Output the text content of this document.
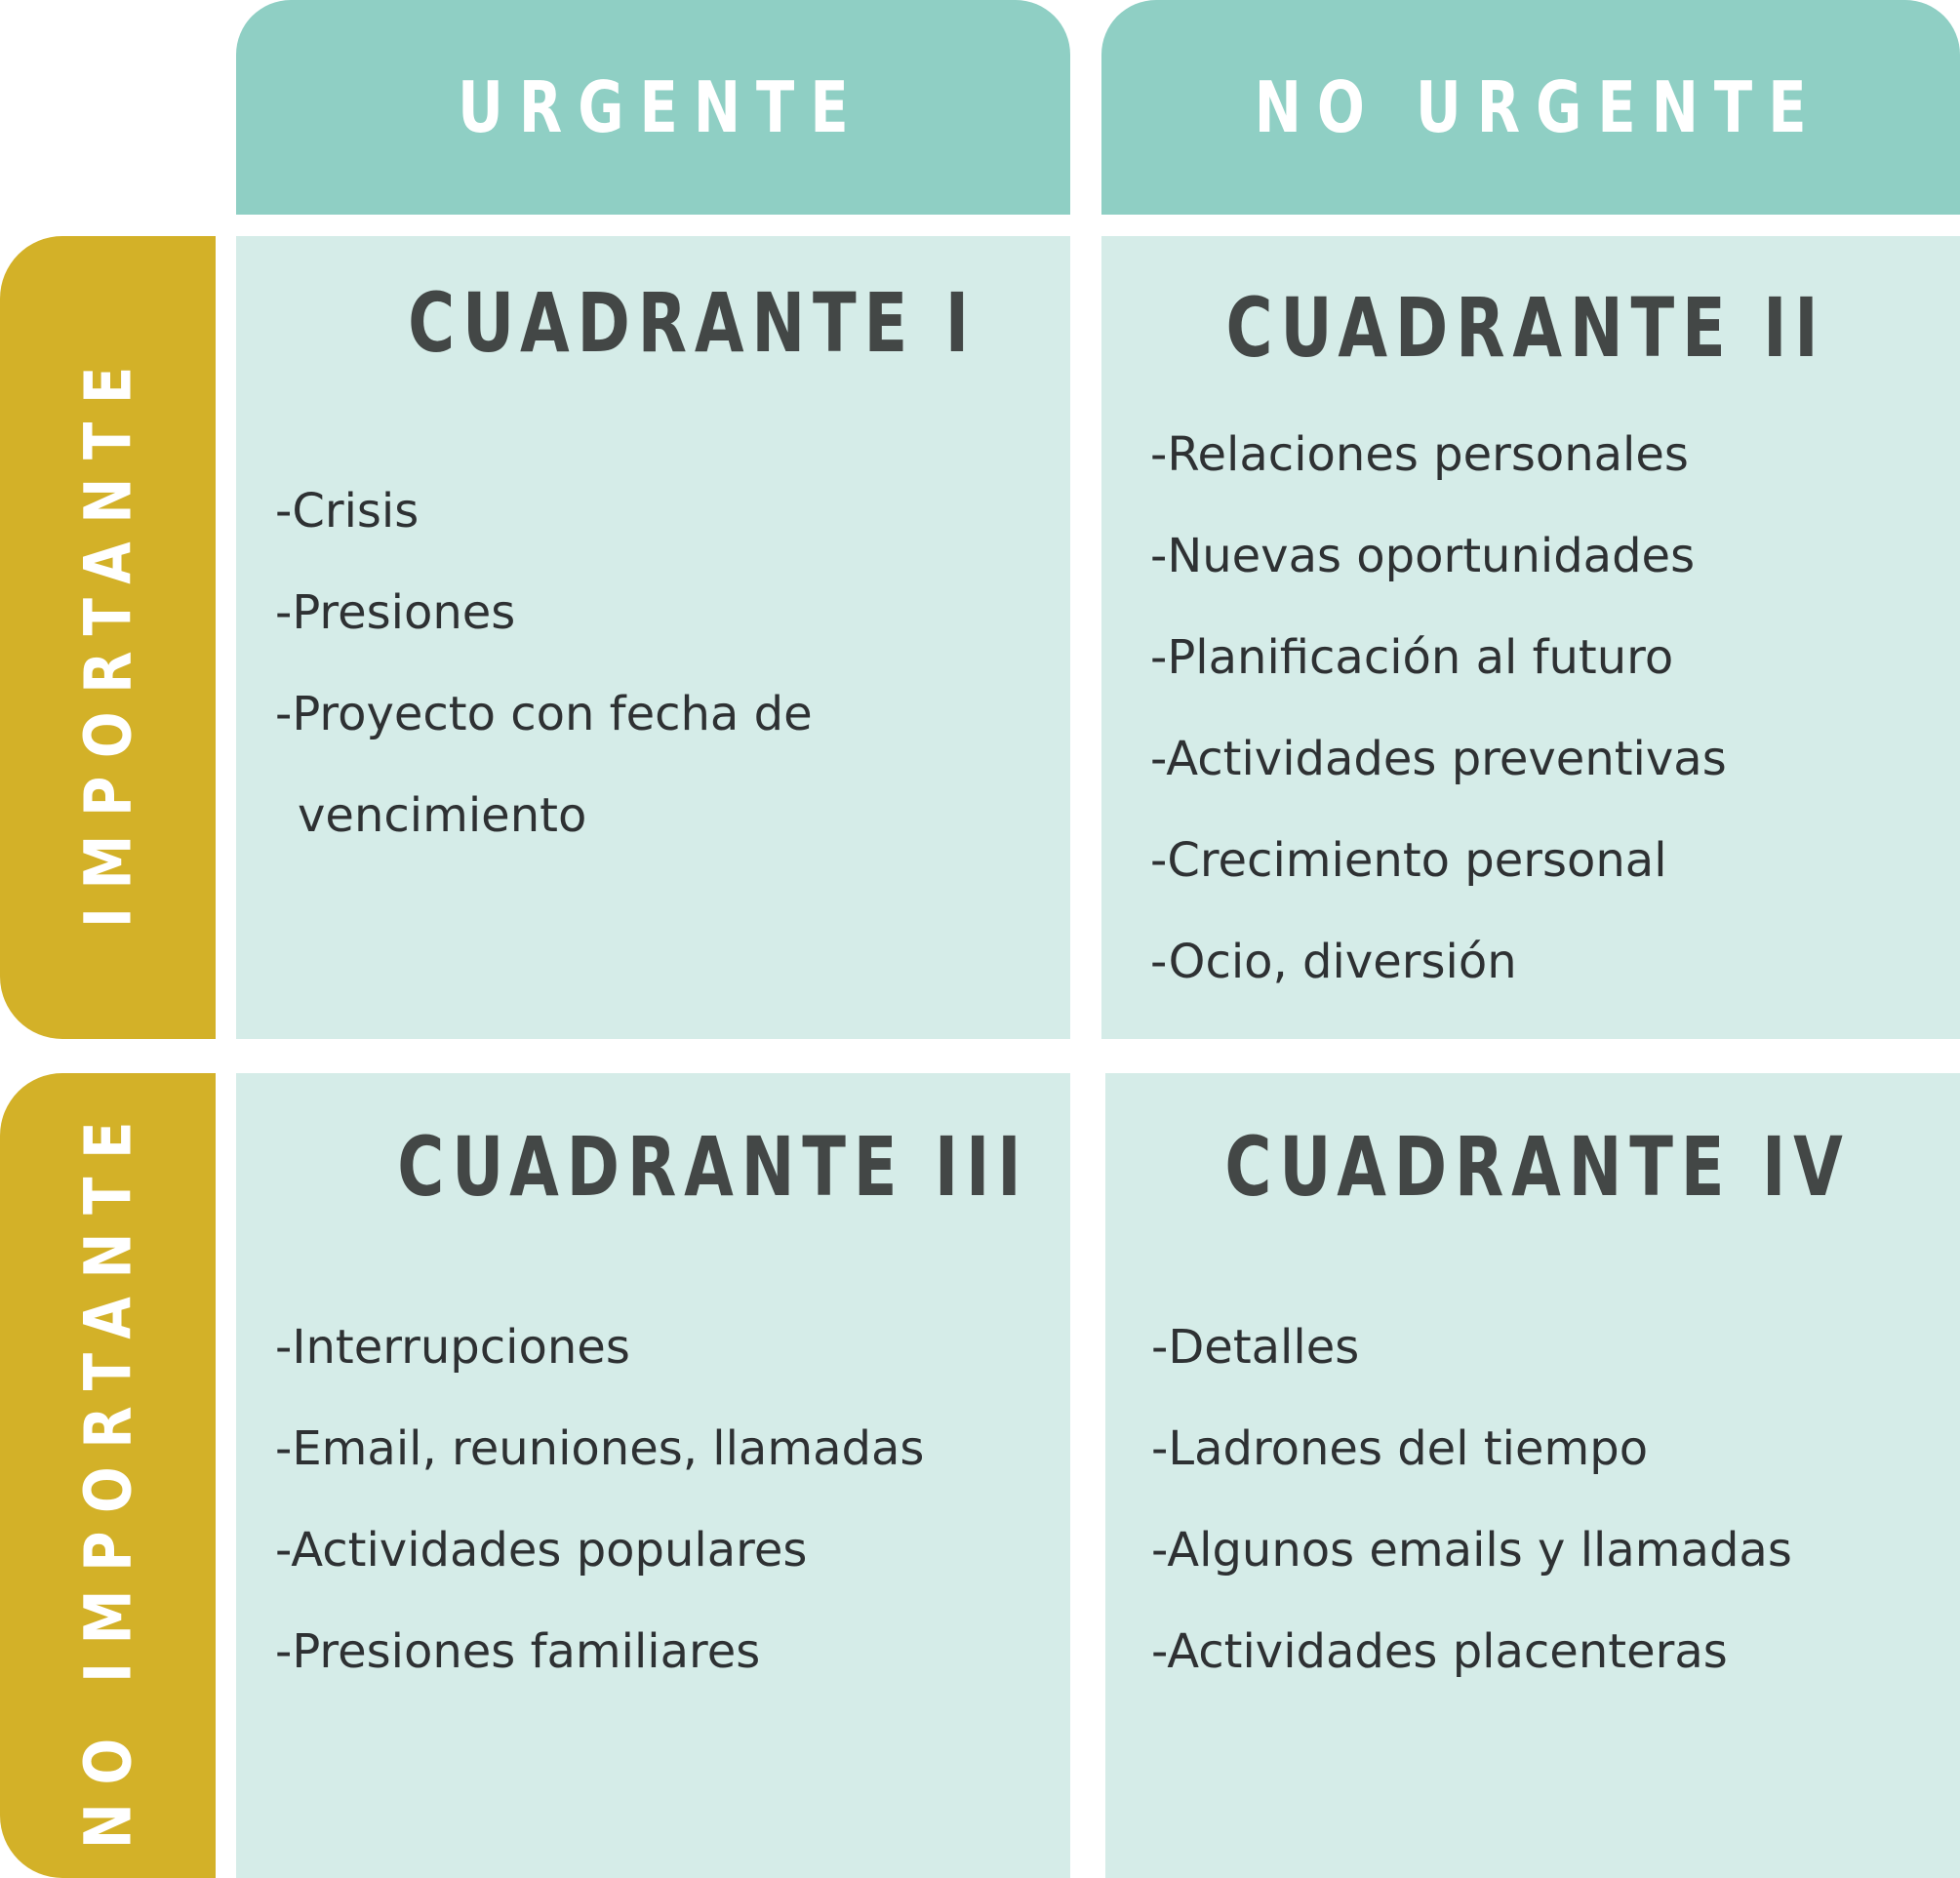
URGENTE	NO URGENTE
IMPORTANTE
NO IMPORTANTE
CUADRANTE I
-Crisis
-Presiones
-Proyecto con fecha de
vencimiento
CUADRANTE II
-Relaciones personales
-Nuevas oportunidades
-Planificación al futuro
-Actividades preventivas
-Crecimiento personal
-Ocio, diversión
CUADRANTE III
-Interrupciones
-Email, reuniones, llamadas
-Actividades populares
-Presiones familiares
CUADRANTE IV
-Detalles
-Ladrones del tiempo
-Algunos emails y llamadas
-Actividades placenteras
